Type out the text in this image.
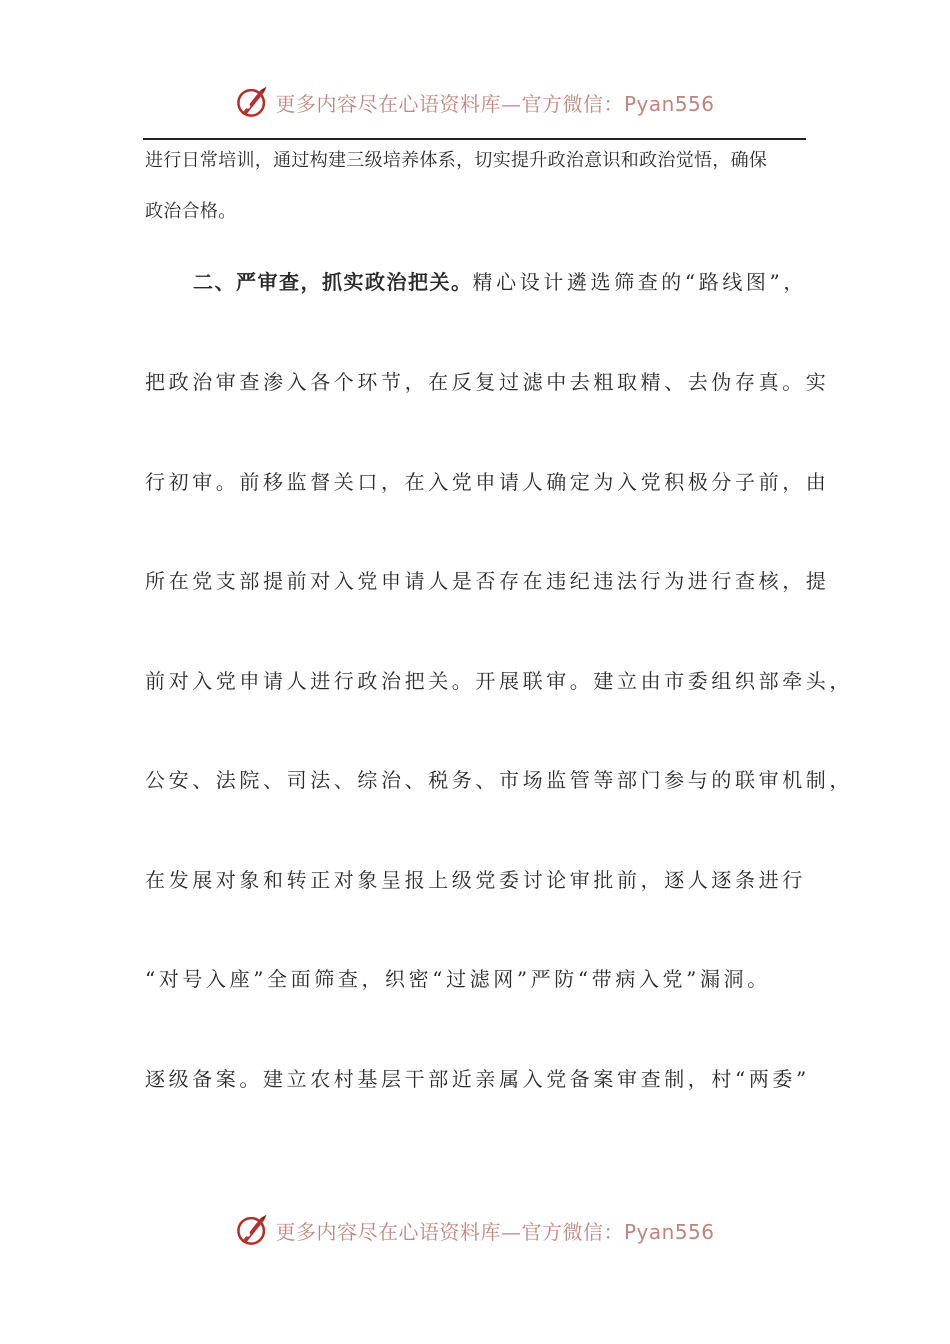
更多内容尽在心语资料库—官方微信：Pyan556
进行日常培训，通过构建三级培养体系，切实提升政治意识和政治觉悟，确保
政治合格。
二、严审查，抓实政治把关。精心设计遴选筛查的“路线图”，
把政治审查渗入各个环节，在反复过滤中去粗取精、去伪存真。实
行初审。前移监督关口，在入党申请人确定为入党积极分子前，由
所在党支部提前对入党申请人是否存在违纪违法行为进行查核，提
前对入党申请人进行政治把关。开展联审。建立由市委组织部牵头，
公安、法院、司法、综治、税务、市场监管等部门参与的联审机制，
在发展对象和转正对象呈报上级党委讨论审批前，逐人逐条进行
“对号入座”全面筛查，织密“过滤网”严防“带病入党”漏洞。
逐级备案。建立农村基层干部近亲属入党备案审查制，村“两委”
更多内容尽在心语资料库—官方微信：Pyan556
